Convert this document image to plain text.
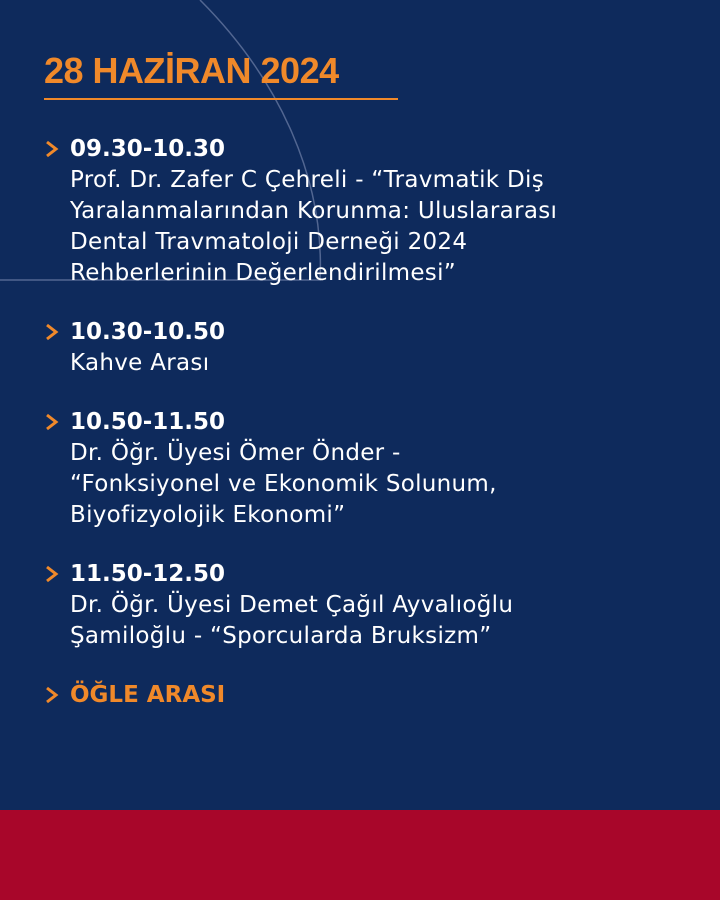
28 HAZİRAN 2024
09.30-10.30
Prof. Dr. Zafer C Çehreli - “Travmatik Diş
Yaralanmalarından Korunma: Uluslararası
Dental Travmatoloji Derneği 2024
Rehberlerinin Değerlendirilmesi”
10.30-10.50
Kahve Arası
10.50-11.50
Dr. Öğr. Üyesi Ömer Önder -
“Fonksiyonel ve Ekonomik Solunum,
Biyofizyolojik Ekonomi”
11.50-12.50
Dr. Öğr. Üyesi Demet Çağıl Ayvalıoğlu
Şamiloğlu - “Sporcularda Bruksizm”
ÖĞLE ARASI
